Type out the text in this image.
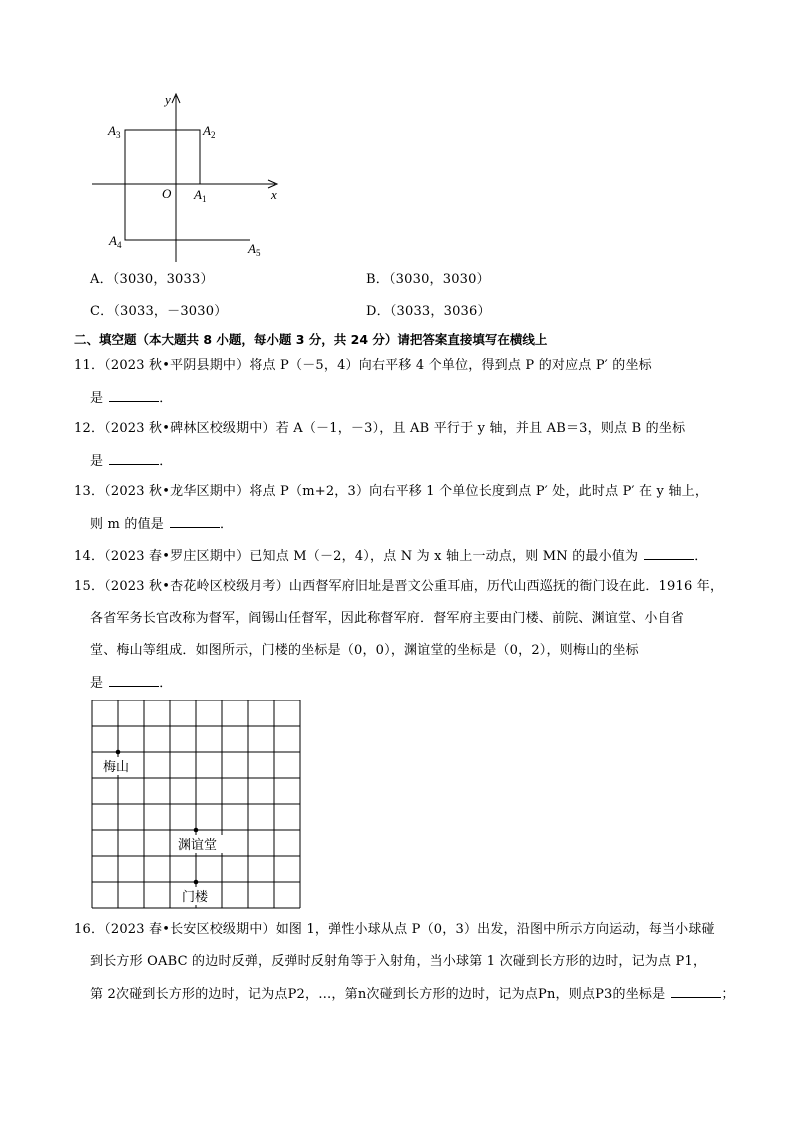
y
x
O $A_1$
$A_2$
$A_3$
$A_4$	$A_5$
A．（3030，3033）	B．（3030，3030）
C．（3033，－3030）	D．（3033，3036）
二、填空题（本大题共 8 小题，每小题 3 分，共 24 分）请把答案直接填写在横线上
11．（2023 秋•平阴县期中）将点 P（－5，4）向右平移 4 个单位，得到点 P 的对应点 P′ 的坐标
是	．
12．（2023 秋•碑林区校级期中）若 A（－1，－3），且 AB 平行于 y 轴，并且 AB＝3，则点 B 的坐标
是	．
13．（2023 秋•龙华区期中）将点 P（m+2，3）向右平移 1 个单位长度到点 P′ 处，此时点 P′ 在 y 轴上，
则 m 的值是	．
14．（2023 春•罗庄区期中）已知点 M（－2，4），点 N 为 x 轴上一动点，则 MN 的最小值为	．
15．（2023 秋•杏花岭区校级月考）山西督军府旧址是晋文公重耳庙，历代山西巡抚的衙门设在此．1916 年，
各省军务长官改称为督军，阎锡山任督军，因此称督军府．督军府主要由门楼、前院、渊谊堂、小自省
堂、梅山等组成．如图所示，门楼的坐标是（0，0），渊谊堂的坐标是（0，2），则梅山的坐标
是	．
梅山
渊谊堂
门楼
16．（2023 春•长安区校级期中）如图 1，弹性小球从点 P（0，3）出发，沿图中所示方向运动，每当小球碰
到长方形 OABC 的边时反弹，反弹时反射角等于入射角，当小球第 1 次碰到长方形的边时，记为点 P1，
第 2次碰到长方形的边时，记为点P2，…，第n次碰到长方形的边时，记为点Pn，则点P3的坐标是	；
